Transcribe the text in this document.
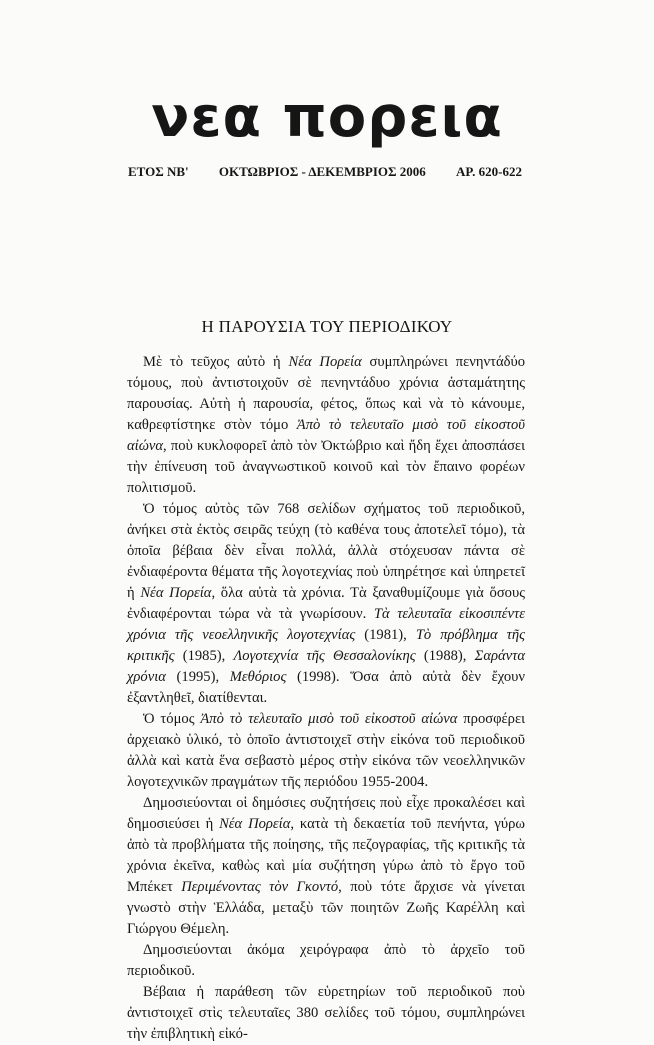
νεα πορεια
ΕΤΟΣ ΝΒ' ΟΚΤΩΒΡΙΟΣ - ΔΕΚΕΜΒΡΙΟΣ 2006 ΑΡ. 620-622
Η ΠΑΡΟΥΣΙΑ ΤΟΥ ΠΕΡΙΟΔΙΚΟΥ

Μὲ τὸ τεῦχος αὐτὸ ἡ Νέα Πορεία συμπληρώνει πενηντάδύο τόμους, ποὺ ἀντιστοιχοῦν σὲ πενηντάδυο χρόνια ἀσταμάτητης παρουσίας. Αὐτὴ ἡ παρουσία, φέτος, ὅπως καὶ νὰ τὸ κάνουμε, καθρεφτίστηκε στὸν τόμο Ἀπὸ τὸ τελευταῖο μισὸ τοῦ εἰκοστοῦ αἰώνα, ποὺ κυκλοφορεῖ ἀπὸ τὸν Ὀκτώβριο καὶ ἤδη ἔχει ἀποσπάσει τὴν ἐπίνευση τοῦ ἀναγνωστικοῦ κοινοῦ καὶ τὸν ἔπαινο φορέων πολιτισμοῦ.

Ὁ τόμος αὐτὸς τῶν 768 σελίδων σχήματος τοῦ περιοδικοῦ, ἀνήκει στὰ ἐκτὸς σειρᾶς τεύχη (τὸ καθένα τους ἀποτελεῖ τόμο), τὰ ὁποῖα βέβαια δὲν εἶναι πολλά, ἀλλὰ στόχευσαν πάντα σὲ ἐνδιαφέροντα θέματα τῆς λογοτεχνίας ποὺ ὑπηρέτησε καὶ ὑπηρετεῖ ἡ Νέα Πορεία, ὅλα αὐτὰ τὰ χρόνια. Τὰ ξαναθυμίζουμε γιὰ ὅσους ἐνδιαφέρονται τώρα νὰ τὰ γνωρίσουν. Τὰ τελευταῖα εἰκοσιπέντε χρόνια τῆς νεοελληνικῆς λογοτεχνίας (1981), Τὸ πρόβλημα τῆς κριτικῆς (1985), Λογοτεχνία τῆς Θεσσαλονίκης (1988), Σαράντα χρόνια (1995), Μεθόριος (1998). Ὅσα ἀπὸ αὐτὰ δὲν ἔχουν ἐξαντληθεῖ, διατίθενται.

Ὁ τόμος Ἀπὸ τὸ τελευταῖο μισὸ τοῦ εἰκοστοῦ αἰώνα προσφέρει ἀρχειακὸ ὑλικό, τὸ ὁποῖο ἀντιστοιχεῖ στὴν εἰκόνα τοῦ περιοδικοῦ ἀλλὰ καὶ κατὰ ἕνα σεβαστὸ μέρος στὴν εἰκόνα τῶν νεοελληνικῶν λογοτεχνικῶν πραγμάτων τῆς περιόδου 1955-2004.

Δημοσιεύονται οἱ δημόσιες συζητήσεις ποὺ εἶχε προκαλέσει καὶ δημοσιεύσει ἡ Νέα Πορεία, κατὰ τὴ δεκαετία τοῦ πενήντα, γύρω ἀπὸ τὰ προβλήματα τῆς ποίησης, τῆς πεζογραφίας, τῆς κριτικῆς τὰ χρόνια ἐκεῖνα, καθὼς καὶ μία συζήτηση γύρω ἀπὸ τὸ ἔργο τοῦ Μπέκετ Περιμένοντας τὸν Γκοντό, ποὺ τότε ἄρχισε νὰ γίνεται γνωστὸ στὴν Ἑλλάδα, μεταξὺ τῶν ποιητῶν Ζωῆς Καρέλλη καὶ Γιώργου Θέμελη.

Δημοσιεύονται ἀκόμα χειρόγραφα ἀπὸ τὸ ἀρχεῖο τοῦ περιοδικοῦ.

Βέβαια ἡ παράθεση τῶν εὑρετηρίων τοῦ περιοδικοῦ ποὺ ἀντιστοιχεῖ στὶς τελευταῖες 380 σελίδες τοῦ τόμου, συμπληρώνει τὴν ἐπιβλητικὴ εἰκό-
